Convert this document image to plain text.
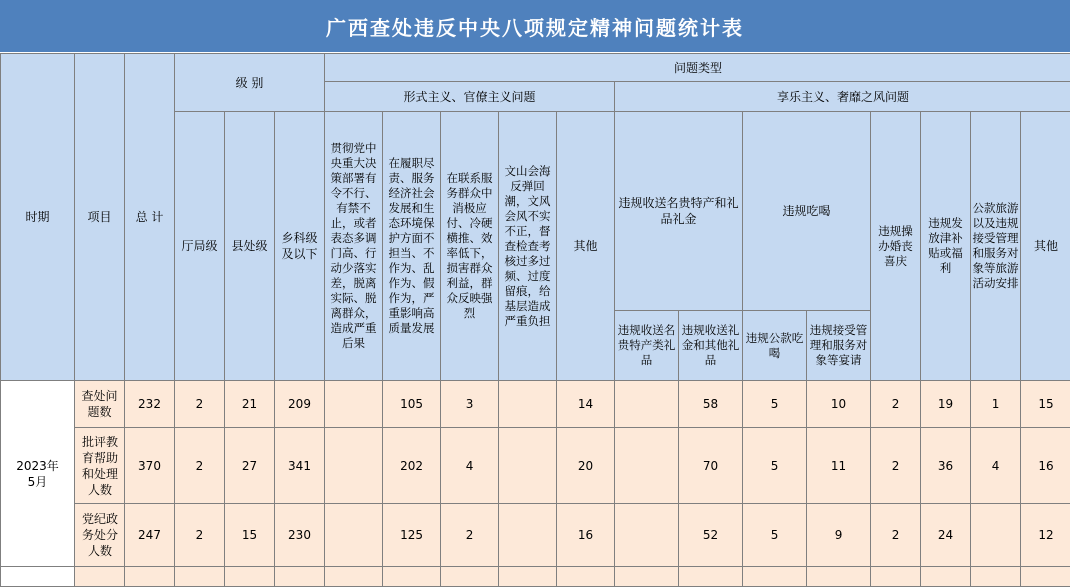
广西查处违反中央八项规定精神问题统计表
时期	项目	总 计	级 别			问题类型												
						形式主义、官僚主义问题					享乐主义、奢靡之风问题							
			厅局级	县处级	乡科级及以下	贯彻党中央重大决策部署有令不行、有禁不止，或者表态多调门高、行动少落实差，脱离实际、脱离群众，造成严重后果	在履职尽责、服务经济社会发展和生态环境保护方面不担当、不作为、乱作为、假作为，严重影响高质量发展	在联系服务群众中消极应付、冷硬横推、效率低下，损害群众利益，群众反映强烈	文山会海反弹回潮，文风会风不实不正，督查检查考核过多过频、过度留痕，给基层造成严重负担	其他	违规收送名贵特产和礼品礼金		违规吃喝		违规操办婚丧喜庆	违规发放津补贴或福利	公款旅游以及违规接受管理和服务对象等旅游活动安排	其他
											违规收送名贵特产类礼品	违规收送礼金和其他礼品	违规公款吃喝	违规接受管理和服务对象等宴请				
2023年
5月	查处问题数	232	2	21	209		105	3		14		58	5	10	2	19	1	15
	批评教育帮助和处理人数	370	2	27	341		202	4		20		70	5	11	2	36	4	16
	党纪政务处分人数	247	2	15	230		125	2		16		52	5	9	2	24		12
